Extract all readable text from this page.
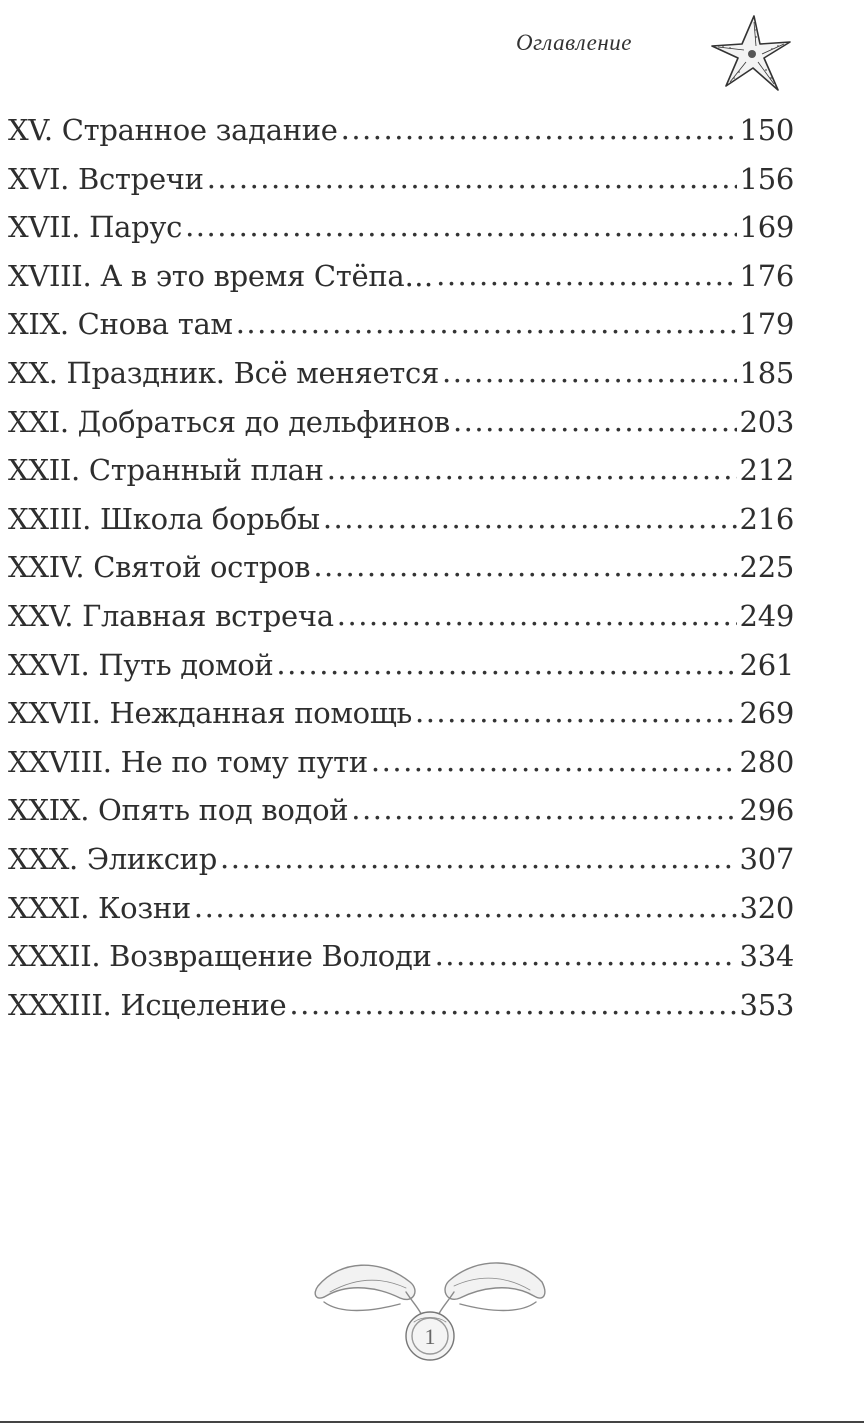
Оглавление
XV. Странное задание .....	150
XVI. Встречи .....	156
XVII. Парус .....	169
XVIII. А в это время Стёпа… .....	176
XIX. Снова там .....	179
XX. Праздник. Всё меняется .....	185
XXI. Добраться до дельфинов .....	203
XXII. Странный план .....	212
XXIII. Школа борьбы .....	216
XXIV. Святой остров .....	225
XXV. Главная встреча .....	249
XXVI. Путь домой .....	261
XXVII. Нежданная помощь .....	269
XXVIII. Не по тому пути .....	280
XXIX. Опять под водой .....	296
XXX. Эликсир .....	307
XXXI. Козни .....	320
XXXII. Возвращение Володи .....	334
XXXIII. Исцеление .....	353
1
